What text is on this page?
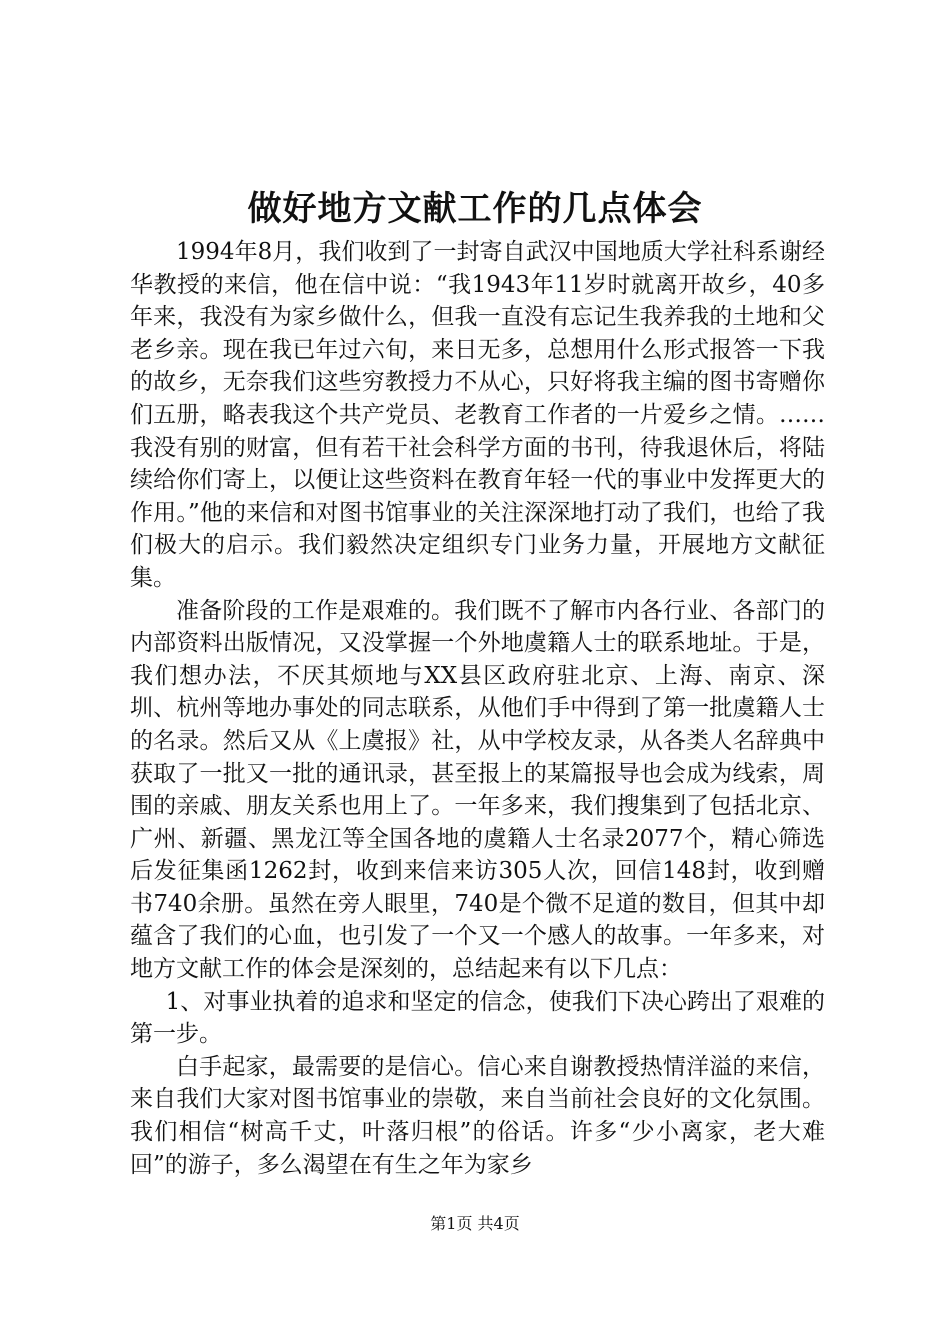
做好地方文献工作的几点体会

1994年8月，我们收到了一封寄自武汉中国地质大学社科系谢经华教授的来信，他在信中说：“我1943年11岁时就离开故乡，40多年来，我没有为家乡做什么，但我一直没有忘记生我养我的土地和父老乡亲。现在我已年过六旬，来日无多，总想用什么形式报答一下我的故乡，无奈我们这些穷教授力不从心，只好将我主编的图书寄赠你们五册，略表我这个共产党员、老教育工作者的一片爱乡之情。……我没有别的财富，但有若干社会科学方面的书刊，待我退休后，将陆续给你们寄上，以便让这些资料在教育年轻一代的事业中发挥更大的作用。”他的来信和对图书馆事业的关注深深地打动了我们，也给了我们极大的启示。我们毅然决定组织专门业务力量，开展地方文献征集。

准备阶段的工作是艰难的。我们既不了解市内各行业、各部门的内部资料出版情况，又没掌握一个外地虞籍人士的联系地址。于是，我们想办法，不厌其烦地与XX县区政府驻北京、上海、南京、深圳、杭州等地办事处的同志联系，从他们手中得到了第一批虞籍人士的名录。然后又从《上虞报》社，从中学校友录，从各类人名辞典中获取了一批又一批的通讯录，甚至报上的某篇报导也会成为线索，周围的亲戚、朋友关系也用上了。一年多来，我们搜集到了包括北京、广州、新疆、黑龙江等全国各地的虞籍人士名录2077个，精心筛选后发征集函1262封，收到来信来访305人次，回信148封，收到赠书740余册。虽然在旁人眼里，740是个微不足道的数目，但其中却蕴含了我们的心血，也引发了一个又一个感人的故事。一年多来，对地方文献工作的体会是深刻的，总结起来有以下几点：

1、对事业执着的追求和坚定的信念，使我们下决心跨出了艰难的第一步。

白手起家，最需要的是信心。信心来自谢教授热情洋溢的来信，来自我们大家对图书馆事业的崇敬，来自当前社会良好的文化氛围。我们相信“树高千丈，叶落归根”的俗话。许多“少小离家，老大难回”的游子，多么渴望在有生之年为家乡

第1页 共4页
